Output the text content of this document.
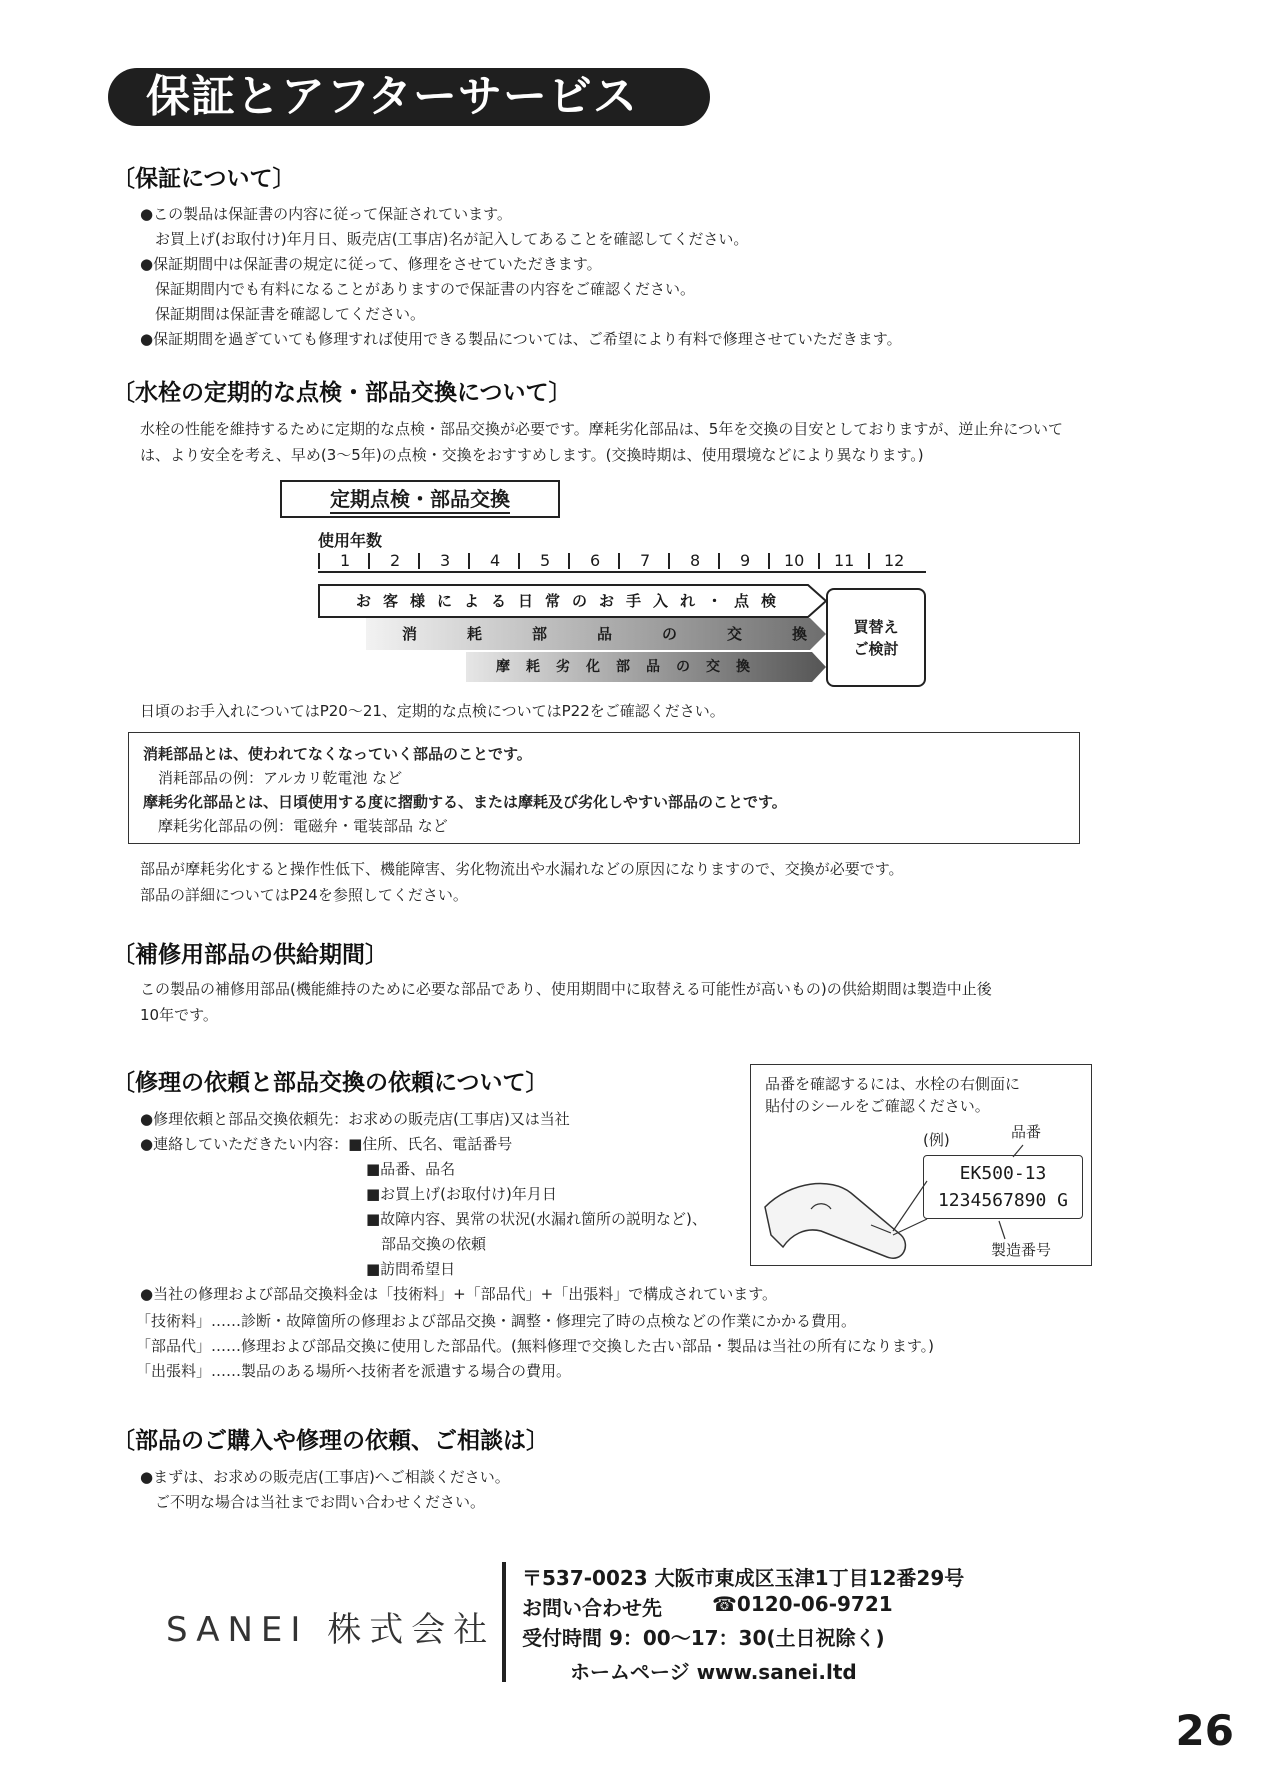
保証とアフターサービス
〔保証について〕
●この製品は保証書の内容に従って保証されています。
　お買上げ(お取付け)年月日、販売店(工事店)名が記入してあることを確認してください。
●保証期間中は保証書の規定に従って、修理をさせていただきます。
　保証期間内でも有料になることがありますので保証書の内容をご確認ください。
　保証期間は保証書を確認してください。
●保証期間を過ぎていても修理すれば使用できる製品については、ご希望により有料で修理させていただきます。
〔水栓の定期的な点検・部品交換について〕
水栓の性能を維持するために定期的な点検・部品交換が必要です。摩耗劣化部品は、5年を交換の目安としておりますが、逆止弁について
は、より安全を考え、早め(3〜5年)の点検・交換をおすすめします。(交換時期は、使用環境などにより異なります。)
定期点検・部品交換
使用年数
1 2 3 4 5 6 7 8 9 10 11 12
お客様による日常のお手入れ・点検
消耗部品の交換
摩耗劣化部品の交換
買替え
ご検討
日頃のお手入れについてはP20〜21、定期的な点検についてはP22をご確認ください。
消耗部品とは、使われてなくなっていく部品のことです。
　消耗部品の例：アルカリ乾電池 など
摩耗劣化部品とは、日頃使用する度に摺動する、または摩耗及び劣化しやすい部品のことです。
　摩耗劣化部品の例：電磁弁・電装部品 など
部品が摩耗劣化すると操作性低下、機能障害、劣化物流出や水漏れなどの原因になりますので、交換が必要です。
部品の詳細についてはP24を参照してください。
〔補修用部品の供給期間〕
この製品の補修用部品(機能維持のために必要な部品であり、使用期間中に取替える可能性が高いもの)の供給期間は製造中止後
10年です。
〔修理の依頼と部品交換の依頼について〕
●修理依頼と部品交換依頼先：お求めの販売店(工事店)又は当社
●連絡していただきたい内容：■住所、氏名、電話番号
■品番、品名
■お買上げ(お取付け)年月日
■故障内容、異常の状況(水漏れ箇所の説明など)、
　部品交換の依頼
■訪問希望日
●当社の修理および部品交換料金は「技術料」+「部品代」+「出張料」で構成されています。
「技術料」……診断・故障箇所の修理および部品交換・調整・修理完了時の点検などの作業にかかる費用。
「部品代」……修理および部品交換に使用した部品代。(無料修理で交換した古い部品・製品は当社の所有になります。)
「出張料」……製品のある場所へ技術者を派遣する場合の費用。
品番を確認するには、水栓の右側面に
貼付のシールをご確認ください。
(例)	品番
EK500-13
1234567890 G
製造番号
〔部品のご購入や修理の依頼、ご相談は〕
●まずは、お求めの販売店(工事店)へご相談ください。
　ご不明な場合は当社までお問い合わせください。
SANEI 株式会社
〒537-0023 大阪市東成区玉津1丁目12番29号
お問い合わせ先	☎0120-06-9721
受付時間 9：00〜17：30(土日祝除く)
ホームページ www.sanei.ltd
26
